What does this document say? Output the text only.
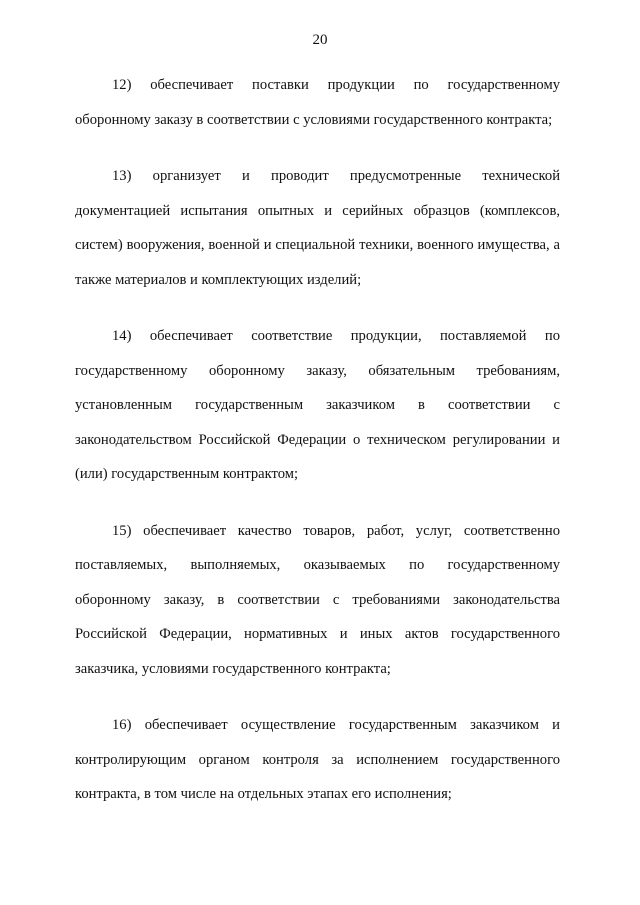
20

12) обеспечивает поставки продукции по государственному оборонному заказу в соответствии с условиями государственного контракта;

13) организует и проводит предусмотренные технической документацией испытания опытных и серийных образцов (комплексов, систем) вооружения, военной и специальной техники, военного имущества, а также материалов и комплектующих изделий;

14) обеспечивает соответствие продукции, поставляемой по государственному оборонному заказу, обязательным требованиям, установленным государственным заказчиком в соответствии с законодательством Российской Федерации о техническом регулировании и (или) государственным контрактом;

15) обеспечивает качество товаров, работ, услуг, соответственно поставляемых, выполняемых, оказываемых по государственному оборонному заказу, в соответствии с требованиями законодательства Российской Федерации, нормативных и иных актов государственного заказчика, условиями государственного контракта;

16) обеспечивает осуществление государственным заказчиком и контролирующим органом контроля за исполнением государственного контракта, в том числе на отдельных этапах его исполнения;
